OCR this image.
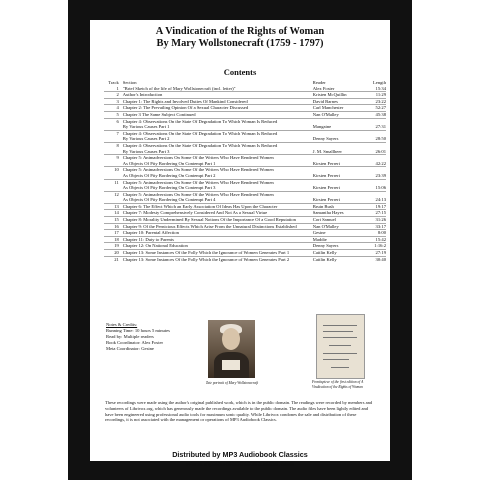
A Vindication of the Rights of Woman
By Mary Wollstonecraft (1759 - 1797)
Contents
Track	Section	Reader	Length
1	"Brief Sketch of the life of Mary Wollstonecraft (incl. letter)"	Alex Foster	15:34
2	Author's Introduction	Kristen McQuillin	11:29
3	Chapter 1: The Rights and Involved Duties Of Mankind Considered	David Barnes	23:22
4	Chapter 2: The Prevailing Opinion Of a Sexual Character Discussed	Carl Manchester	52:27
5	Chapter 3 The Same Subject Continued	Nan O'Malley	45:38
6	Chapter 4: Observations On the State Of Degradation To Which Woman Is Reduced		
	By Various Causes Part 1	Mangaine	27:31
7	Chapter 4: Observations On the State Of Degradation To Which Woman Is Reduced		
	By Various Causes Part 2	Denny Sayers	28:50
8	Chapter 4: Observations On the State Of Degradation To Which Woman Is Reduced		
	By Various Causes Part 3	J. M. Smallheer	26:01
9	Chapter 5: Animadversions On Some Of the Writers Who Have Rendered Women		
	As Objects Of Pity Bordering On Contempt Part 1	Kirsten Ferreri	42:22
10	Chapter 5: Animadversions On Some Of the Writers Who Have Rendered Women		
	As Objects Of Pity Bordering On Contempt Part 2	Kirsten Ferreri	23:39
11	Chapter 5: Animadversions On Some Of the Writers Who Have Rendered Women		
	As Objects Of Pity Bordering On Contempt Part 3	Kirsten Ferreri	15:06
12	Chapter 5: Animadversions On Some Of the Writers Who Have Rendered Women		
	As Objects Of Pity Bordering On Contempt Part 4	Kirsten Ferreri	24:13
13	Chapter 6: The Effect Which an Early Association Of Ideas Has Upon the Character	Bruin Bush	19:17
14	Chapter 7: Modesty Comprehensively Considered And Not As a Sexual Virtue	Samantha Hayes	27:15
15	Chapter 8: Morality Undermined By Sexual Notions Of the Importance Of a Good Reputation	Cori Samuel	31:26
16	Chapter 9: Of the Pernicious Effects Which Arise From the Unnatural Distinctions Established	Nan O'Malley	33:17
17	Chapter 10: Parental Affection	Gesine	8:00
18	Chapter 11: Duty to Parents	Maddie	15:42
19	Chapter 12: On National Education	Denny Sayers	1:16:2
20	Chapter 13: Some Instances Of the Folly Which the Ignorance of Women Generates Part 1	Caitlin Kelly	27:19
21	Chapter 13: Some Instances Of the Folly Which the Ignorance of Women Generates Part 2	Caitlin Kelly	30:40
Notes & Credits:
Running Time: 10 hours 5 minutes
Read by: Multiple readers
Book Coordinator: Alex Foster
Meta Coordinator: Gesine
Tate portrait of Mary Wollstonecraft	Frontispiece of the first edition of A Vindication of the Rights of Woman
These recordings were made using the author's original published work, which is in the public domain. The readings were recorded by members and volunteers of Librivox.org, which has generously made the recordings available to the public domain. The audio files have been lightly edited and have been engineered using professional audio tools for maximum sonic quality. While Librivox condones the sale and distribution of these recordings, it is not associated with the management or operations of MP3 Audiobook Classics.
Distributed by MP3 Audiobook Classics
www.mp3audiobookclassics.com
